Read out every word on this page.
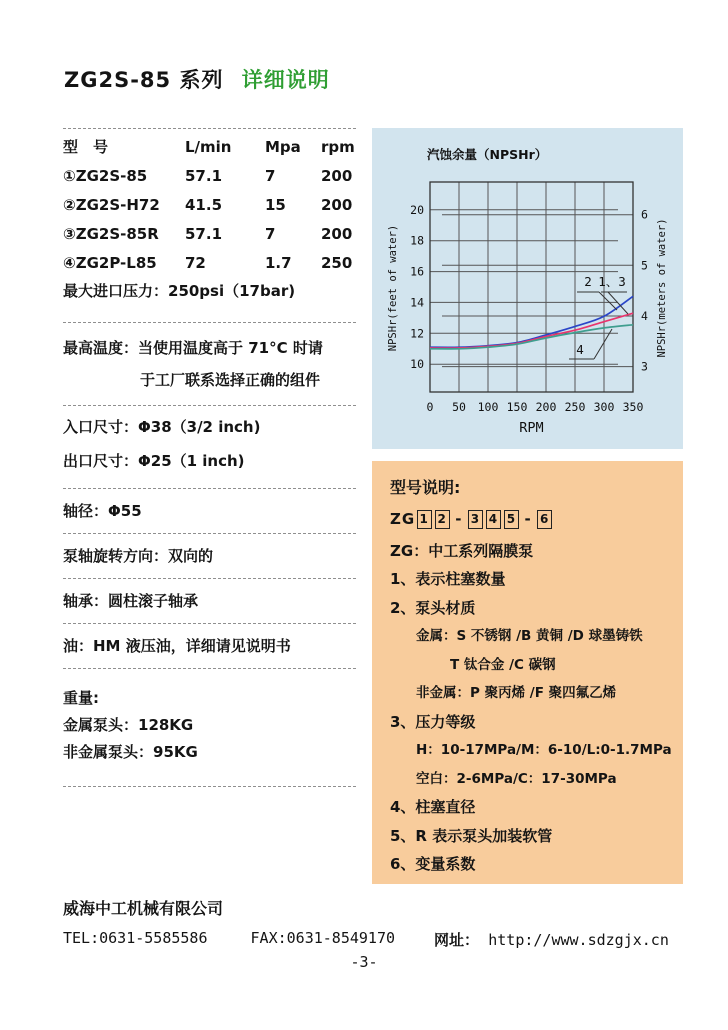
ZG2S-85 系列 详细说明
型　号	L/min	Mpa	rpm
①ZG2S-85	57.1	7	200
②ZG2S-H72	41.5	15	200
③ZG2S-85R	57.1	7	200
④ZG2P-L85	72	1.7	250
最大进口压力：250psi（17bar)
最高温度：当使用温度高于 71°C 时请
于工厂联系选择正确的组件
入口尺寸：Φ38（3/2 inch)
出口尺寸：Φ25（1 inch)
轴径：Φ55
泵轴旋转方向：双向的
轴承：圆柱滚子轴承
油：HM 液压油，详细请见说明书
重量:
金属泵头：128KG
非金属泵头：95KG
汽蚀余量（NPSHr）
10
12
14
16
18
20
3
4
5
6
0 50 100 150 200 250 300 350
RPM
NPSHr(feet of water)	NPSHr(meters of water)
2 1、3
4
型号说明:
ZG 1 2 - 3 4 5 - 6
ZG：中工系列隔膜泵
1、表示柱塞数量
2、泵头材质
金属：S 不锈钢 /B 黄铜 /D 球墨铸铁
T 钛合金 /C 碳钢
非金属：P 聚丙烯 /F 聚四氟乙烯
3、压力等级
H：10-17MPa/M：6-10/L:0-1.7MPa
空白：2-6MPa/C：17-30MPa
4、柱塞直径
5、R 表示泵头加装软管
6、变量系数
威海中工机械有限公司
TEL:0631-5585586	FAX:0631-8549170	网址： http://www.sdzgjx.cn
-3-
